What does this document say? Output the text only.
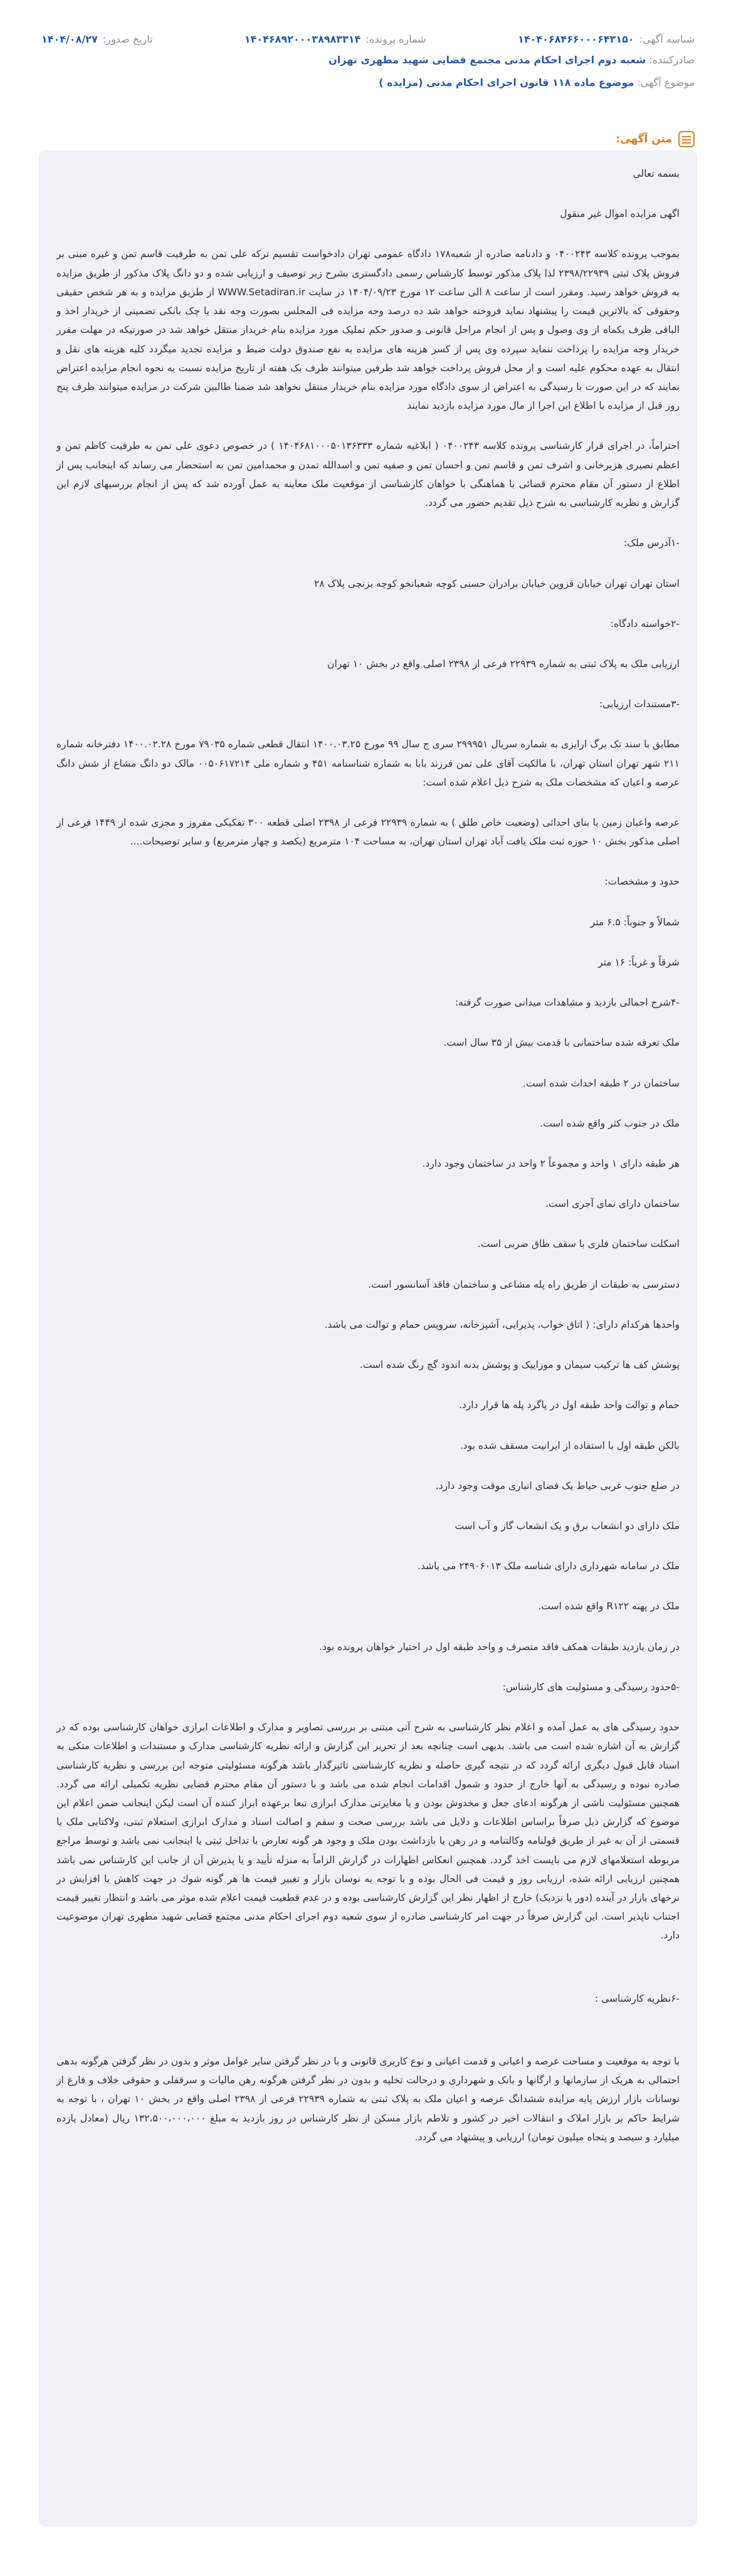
شناسه آگهی:
۱۴۰۴۰۶۸۴۶۶۰۰۰۶۴۳۱۵۰
شماره پرونده:
۱۴۰۴۶۸۹۲۰۰۰۳۸۹۸۳۳۱۴
تاریخ صدور:
۱۴۰۴/۰۸/۲۷
صادرکننده: شعبه دوم اجرای احکام مدنی مجتمع قضایی شهید مطهری تهران
موضوع آگهی: موضوع ماده ۱۱۸ قانون اجرای احکام مدنی (مزایده )
متن آگهی:

بسمه تعالی

اگهی مزایده اموال غیر منقول

بموجب پرونده کلاسه ۰۴۰۰۲۴۳ و دادنامه صادره از شعبه۱۷۸ دادگاه عمومی تهران دادخواست تقسیم ترکه علی تمن به طرفیت قاسم تمن و غیره مبنی بر فروش پلاک ثبتی ۲۳۹۸/۲۲۹۳۹ لذا پلاک مذکور توسط کارشناس رسمی دادگستری بشرح زیر توصیف و ارزیابی شده و دو دانگ پلاک مذکور از طریق مزایده به فروش خواهد رسید. ومقرر است از ساعت ۸ الی ساعت ۱۲ مورخ ۱۴۰۴/۰۹/۲۳ در سایت WWW.Setadiran.ir از طریق مزایده و به هر شخص حقیقی وحقوقی که بالاترین قیمت را پیشنهاد نماید فروخته خواهد شد ده درصد وجه مزایده فی المجلس بصورت وجه نقد یا چک بانکی تضمینی از خریدار اخذ و الباقی ظرف یکماه از وی وصول و پس از انجام مراحل قانونی و صدور حکم تملیک مورد مزایده بنام خریدار منتقل خواهد شد در صورتیکه در مهلت مقرر خریدار وجه مزایده را پرداخت ننماید سپرده وی پس از کسر هزینه های مزایده به نفع صندوق دولت ضبط و مزایده تجدید میگردد کلیه هزینه های نقل و انتقال به عهده محکوم علیه است و از محل فروش پرداخت خواهد شد طرفین میتوانند ظرف یک هفته از تاریخ مزایده نسبت به نحوه انجام مزایده اعتراض نمایند که در این صورت با رسیدگی به اعتراض از سوی دادگاه مورد مزایده بنام خریدار منتقل نخواهد شد ضمنا طالبین شرکت در مزایده میتوانند ظرف پنج روز قبل از مزایده با اطلاع این اجرا از مال مورد مزایده بازدید نمایند

احتراماً، در اجرای قرار کارشناسی پرونده کلاسه ۰۴۰۰۲۴۳ ( ابلاغیه شماره ۱۴۰۴۶۸۱۰۰۰۵۰۱۳۶۳۳۳ ) در خصوص دعوی علی تمن به طرفیت کاظم تمن و اعظم نصیری هزبرخانی و اشرف تمن و قاسم تمن و احسان تمن و صفیه تمن و اسدالله تمدن و محمدامین تمن به استحضار می رساند که اینجانب پس از اطلاع از دستور آن مقام محترم قضائی با هماهنگی با خواهان کارشناسی از موقعیت ملک معاینه به عمل آورده شد که پس از انجام بررسیهای لازم این گزارش و نظریه کارشناسی به شرح ذیل تقدیم حضور می گردد.

-۱آدرس ملک:

استان تهران تهران خیابان قزوین خیابان برادران حسنی کوچه شعبانخو کوچه بزنجی پلاک ۲۸

-۲خواسته دادگاه:

ارزیابی ملک به پلاک ثبتی به شماره ۲۲۹۳۹ فرعی از ۲۳۹۸ اصلی واقع در بخش ۱۰ تهران

-۳مستندات ارزیابی:

مطابق با سند تک برگ ارایزی به شماره سریال ۲۹۹۹۵۱ سری ج سال ۹۹ مورخ ۱۴۰۰.۰۳.۲۵ انتقال قطعی شماره ۷۹۰۳۵ مورخ ۱۴۰۰.۰۲.۲۸ دفترخانه شماره ۲۱۱ شهر تهران استان تهران، با مالکیت آقای علی تمن فرزند بابا به شماره شناسنامه ۴۵۱ و شماره ملی ۰۰۵۰۶۱۷۲۱۴ مالک دو دانگ مشاع از شش دانگ عرصه و اعیان که مشخصات ملک به شرح ذیل اعلام شده است:

عرصه واعیان زمین با بنای احداثی (وضعیت خاص طلق ) به شماره ۲۲۹۳۹ فرعی از ۲۳۹۸ اصلی قطعه ۳۰۰ تفکیکی مفروز و مجزی شده از ۱۴۴۹ فرعی از اصلی مذکور بخش ۱۰ حوزه ثبت ملک یافت آباد تهران استان تهران، به مساحت ۱۰۴ مترمربع (یکصد و چهار مترمربع) و سایر توضیحات....

حدود و مشخصات:

شمالاً و جنوباً: ۶.۵ متر

شرقاً و غرباً: ۱۶ متر

-۴شرح اجمالی بازدید و مشاهدات میدانی صورت گرفته:

ملک تعرفه شده ساختمانی با قدمت بیش از ۳۵ سال است.

ساختمان در ۲ طبقه احداث شده است.

ملک در جنوب کثر واقع شده است.

هر طبقه دارای ۱ واحد و مجموعاً ۲ واحد در ساختمان وجود دارد.

ساختمان دارای نمای آجری است.

اسکلت ساختمان فلزی با سقف طاق ضربی است.

دسترسی به طبقات از طریق راه پله مشاعی و ساختمان فاقد آسانسور است.

واحدها هرکدام دارای: ( اتاق خواب، پذیرایی، آشپزخانه، سرویس حمام و توالت می باشد.

پوشش کف ها ترکیب سیمان و موزاییک و پوشش بدنه اندود گچ رنگ شده است.

حمام و توالت واحد طبقه اول در پاگرد پله ها قرار دارد.

بالکن طبقه اول با استفاده از ایرانیت مسقف شده بود.

در ضلع جنوب غربی حیاط یک فضای انباری موقت وجود دارد.

ملک دارای دو انشعاب برق و یک انشعاب گاز و آب است

ملک در سامانه شهرداری دارای شناسه ملک ۲۴۹۰۶۰۱۳ می باشد.

ملک در پهنه R۱۲۲ واقع شده است.

در زمان بازدید طبقات همکف فاقد متصرف و واحد طبقه اول در اختیار خواهان پرونده بود.

-۵حدود رسیدگی و مسئولیت های کارشناس:

حدود رسیدگی های به عمل آمده و اعلام نظر کارشناسی به شرح آتی مبتنی بر بررسی تصاویر و مدارک و اطلاعات ابرازی خواهان کارشناسی بوده که در گزارش به آن اشاره شده است می باشد. بدیهی است چنانچه بعد از تحریر این گزارش و ارائه نظریه کارشناسی مدارک و مستندات و اطلاعات متکی به اسناد قابل قبول دیگری ارائه گردد که در نتیجه گیری حاصله و نظریه کارشناسی تاثیرگذار باشد هرگونه مسئولیتی متوجه این بررسی و نظریه کارشناسی صادره نبوده و رسیدگی به آنها خارج از حدود و شمول اقدامات انجام شده می باشد و با دستور آن مقام محترم قضایی نظریه تکمیلی ارائه می گردد. همچنین مسئولیت ناشی از هرگونه ادعای جعل و مخدوش بودن و یا مغایرتی مدارک ابرازی تبعا برعهده ابراز کننده آن است لیکن اینجانب ضمن اعلام این موضوع که گزارش ذیل صرفاً براساس اطلاعات و دلایل می باشد بررسی صحت و سقم و اصالت اسناد و مدارک ابرازی استعلام ثبتی، ولاکتابی ملک یا قسمتی از آن به غیر از طریق قولنامه وکالتنامه و در رهن یا بازداشت بودن ملک و وجود هر گونه تعارض با تداخل ثبتی یا اینجانب نمی باشد و توسط مراجع مربوطه استعلامهای لازم می بایست اخذ گردد. همچنین انعکاس اظهارات در گزارش الزاماً به منزله تأیید و یا پذیرش آن از جانب این کارشناس نمی باشد همچنین ارزیابی ارائه شده، ارزیابی روز و قیمت فی الحال بوده و با توجه به نوسان بازار و تغییر قیمت ها هر گونه شوك در جهت کاهش یا افزایش در نرخهای بازار در آینده (دور یا نزدیک) خارج از اظهار نظر این گزارش کارشناسی بوده و در عدم قطعیت قیمت اعلام شده موثر می باشد و انتظار تغییر قیمت اجتناب ناپذیر است. این گزارش صرفاً در جهت امر کارشناسی صادره از سوی شعبه دوم اجرای احکام مدنی مجتمع قضایی شهید مطهری تهران موضوعیت دارد.

-۶نظریه کارشناسی :

با توجه به موقعیت و مساحت عرصه و اعیانی و قدمت اعیانی و نوع کاربری قانونی و با در نظر گرفتن سایر عوامل موثر و بدون در نظر گرفتن هرگونه بدهی احتمالی به هریک از سازمانها و ارگانها و بانک و شهرداری و درحالت تخلیه و بدون در نظر گرفتن هرگونه رهن مالیات و سرقفلی و حقوقی خلاف و فارغ از نوسانات بازار ارزش پایه مزایده ششدانگ عرصه و اعیان ملک به پلاک ثبتی به شماره ۲۲۹۳۹ فرعی از ۲۳۹۸ اصلی واقع در بخش ۱۰ تهران ، با توجه به شرایط حاکم بر بازار املاک و انتقالات اخیر در کشور و تلاطم بازار مسکن از نظر کارشناس در روز بازدید به مبلغ ۱۳۲،۵۰۰،۰۰۰،۰۰۰ ریال (معادل یازده میلیارد و سیصد و پنجاه میلیون تومان) ارزیابی و پیشنهاد می گردد.
